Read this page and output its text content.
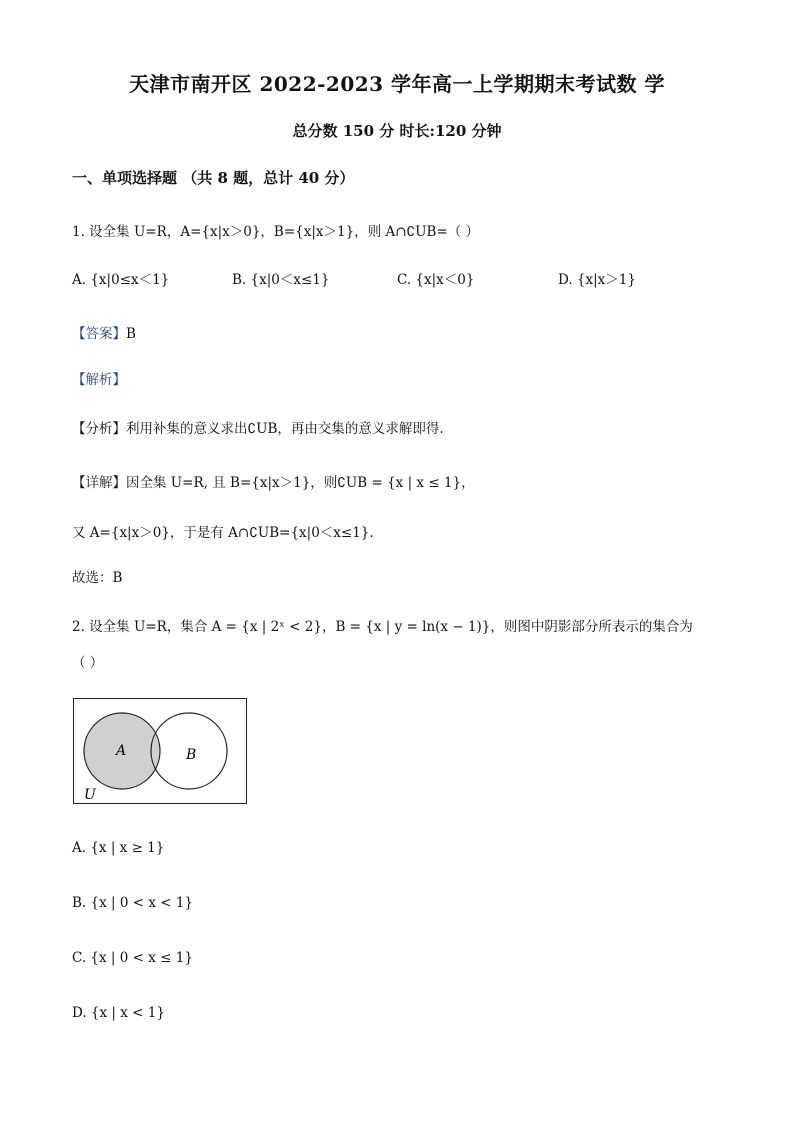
天津市南开区 2022-2023 学年高一上学期期末考试数 学
总分数 150 分 时长:120 分钟
一、单项选择题 （共 8 题，总计 40 分）
1. 设全集 U=R，A={x|x＞0}，B={x|x＞1}，则 A∩∁UB=（ ）
A. {x|0≤x＜1}	B. {x|0＜x≤1}	C. {x|x＜0}	D. {x|x＞1}
【答案】B
【解析】
【分析】利用补集的意义求出∁UB，再由交集的意义求解即得.
【详解】因全集 U=R, 且 B={x|x＞1}，则∁UB = {x | x ≤ 1}，
又 A={x|x＞0}，于是有 A∩∁UB={x|0＜x≤1}.
故选：B
2. 设全集 U=R，集合 A = {x | 2ˣ < 2}，B = {x | y = ln(x − 1)}，则图中阴影部分所表示的集合为
（ ）
A	B
U
A. {x | x ≥ 1}
B. {x | 0 < x < 1}
C. {x | 0 < x ≤ 1}
D. {x | x < 1}
